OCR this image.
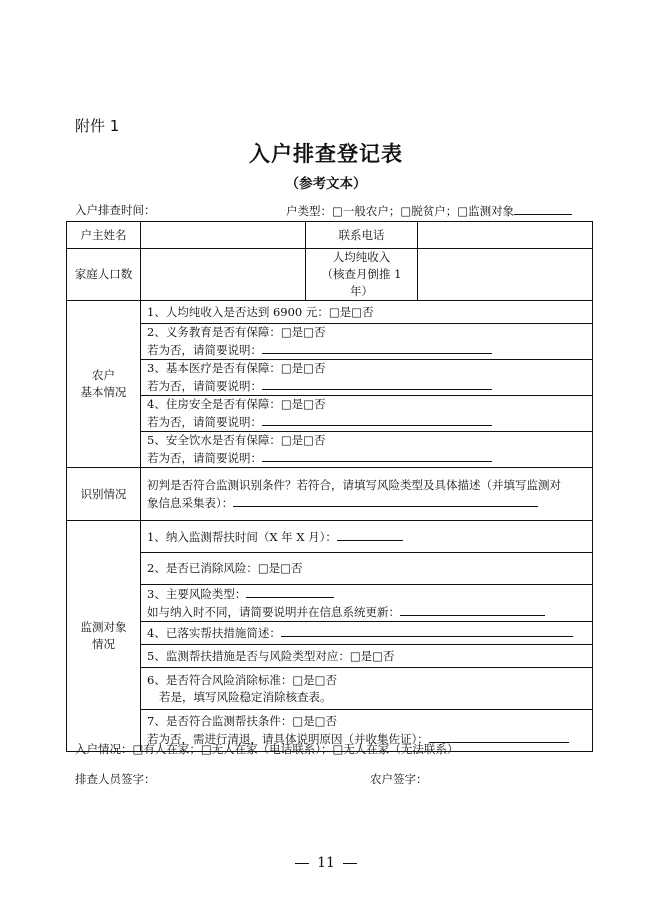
附件 1
入户排查登记表
（参考文本）
入户排查时间：	户类型：□一般农户；□脱贫户；□监测对象
户主姓名		联系电话	
家庭人口数		人均纯收入
（核查月倒推 1 年）	

农户
基本情况	1、人均纯收入是否达到 6900 元：□是□否		

	2、义务教育是否有保障：□是□否
若为否，请简要说明：		

	3、基本医疗是否有保障：□是□否
若为否，请简要说明：		

	4、住房安全是否有保障：□是□否
若为否，请简要说明：		

	5、安全饮水是否有保障：□是□否
若为否，请简要说明：		

识别情况	初判是否符合监测识别条件？若符合，请填写风险类型及具体描述（并填写监测对
象信息采集表）：		

监测对象
情况	1、纳入监测帮扶时间（X 年 X 月）：		
	2、是否已消除风险：□是□否		

	3、主要风险类型：
如与纳入时不同，请简要说明并在信息系统更新：		

	4、已落实帮扶措施简述：		
	5、监测帮扶措施是否与风险类型对应：□是□否		

	6、是否符合风险消除标准：□是□否
若是，填写风险稳定消除核查表。		

	7、是否符合监测帮扶条件：□是□否
若为否，需进行清退，请具体说明原因（并收集佐证）：		
入户情况：□有人在家；□无人在家（电话联系）；□无人在家（无法联系）
排查人员签字：	农户签字：
11
